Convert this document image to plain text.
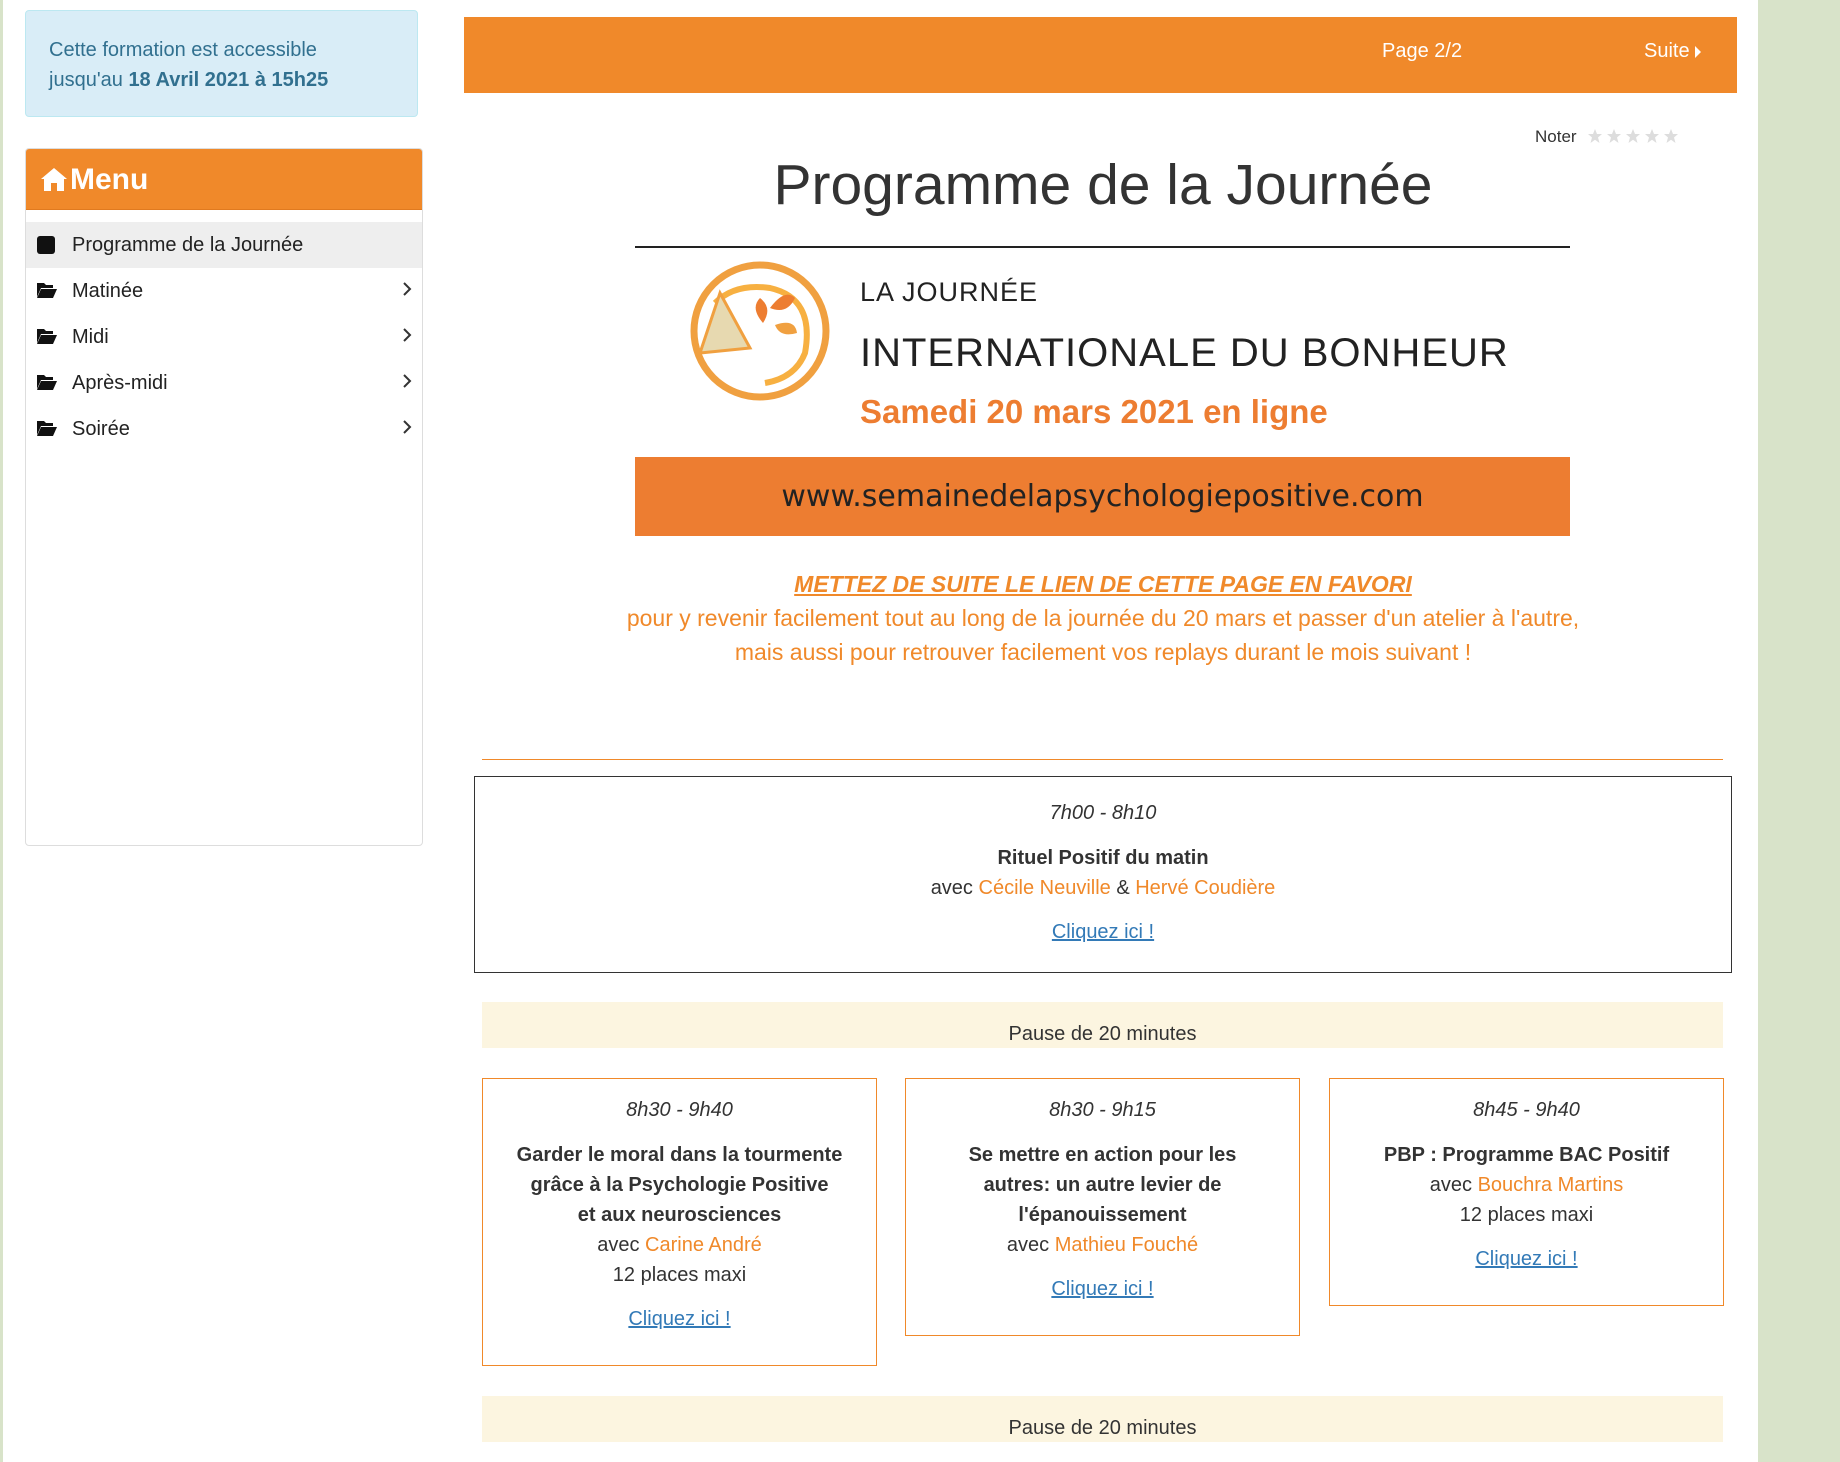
Cette formation est accessible
jusqu'au 18 Avril 2021 à 15h25
Menu
Programme de la Journée
Matinée
Midi
Après-midi
Soirée
Page 2/2	Suite
Noter
Programme de la Journée
LA JOURNÉE
INTERNATIONALE DU BONHEUR
Samedi 20 mars 2021 en ligne
www.semainedelapsychologiepositive.com
METTEZ DE SUITE LE LIEN DE CETTE PAGE EN FAVORI
pour y revenir facilement tout au long de la journée du 20 mars et passer d'un atelier à l'autre,
mais aussi pour retrouver facilement vos replays durant le mois suivant !
7h00 - 8h10
Rituel Positif du matin
avec Cécile Neuville & Hervé Coudière
Cliquez ici !
Pause de 20 minutes
8h30 - 9h40
Garder le moral dans la tourmente
grâce à la Psychologie Positive
et aux neurosciences
avec Carine André
12 places maxi
Cliquez ici !
8h30 - 9h15
Se mettre en action pour les
autres: un autre levier de
l'épanouissement
avec Mathieu Fouché
Cliquez ici !
8h45 - 9h40
PBP : Programme BAC Positif
avec Bouchra Martins
12 places maxi
Cliquez ici !
Pause de 20 minutes
